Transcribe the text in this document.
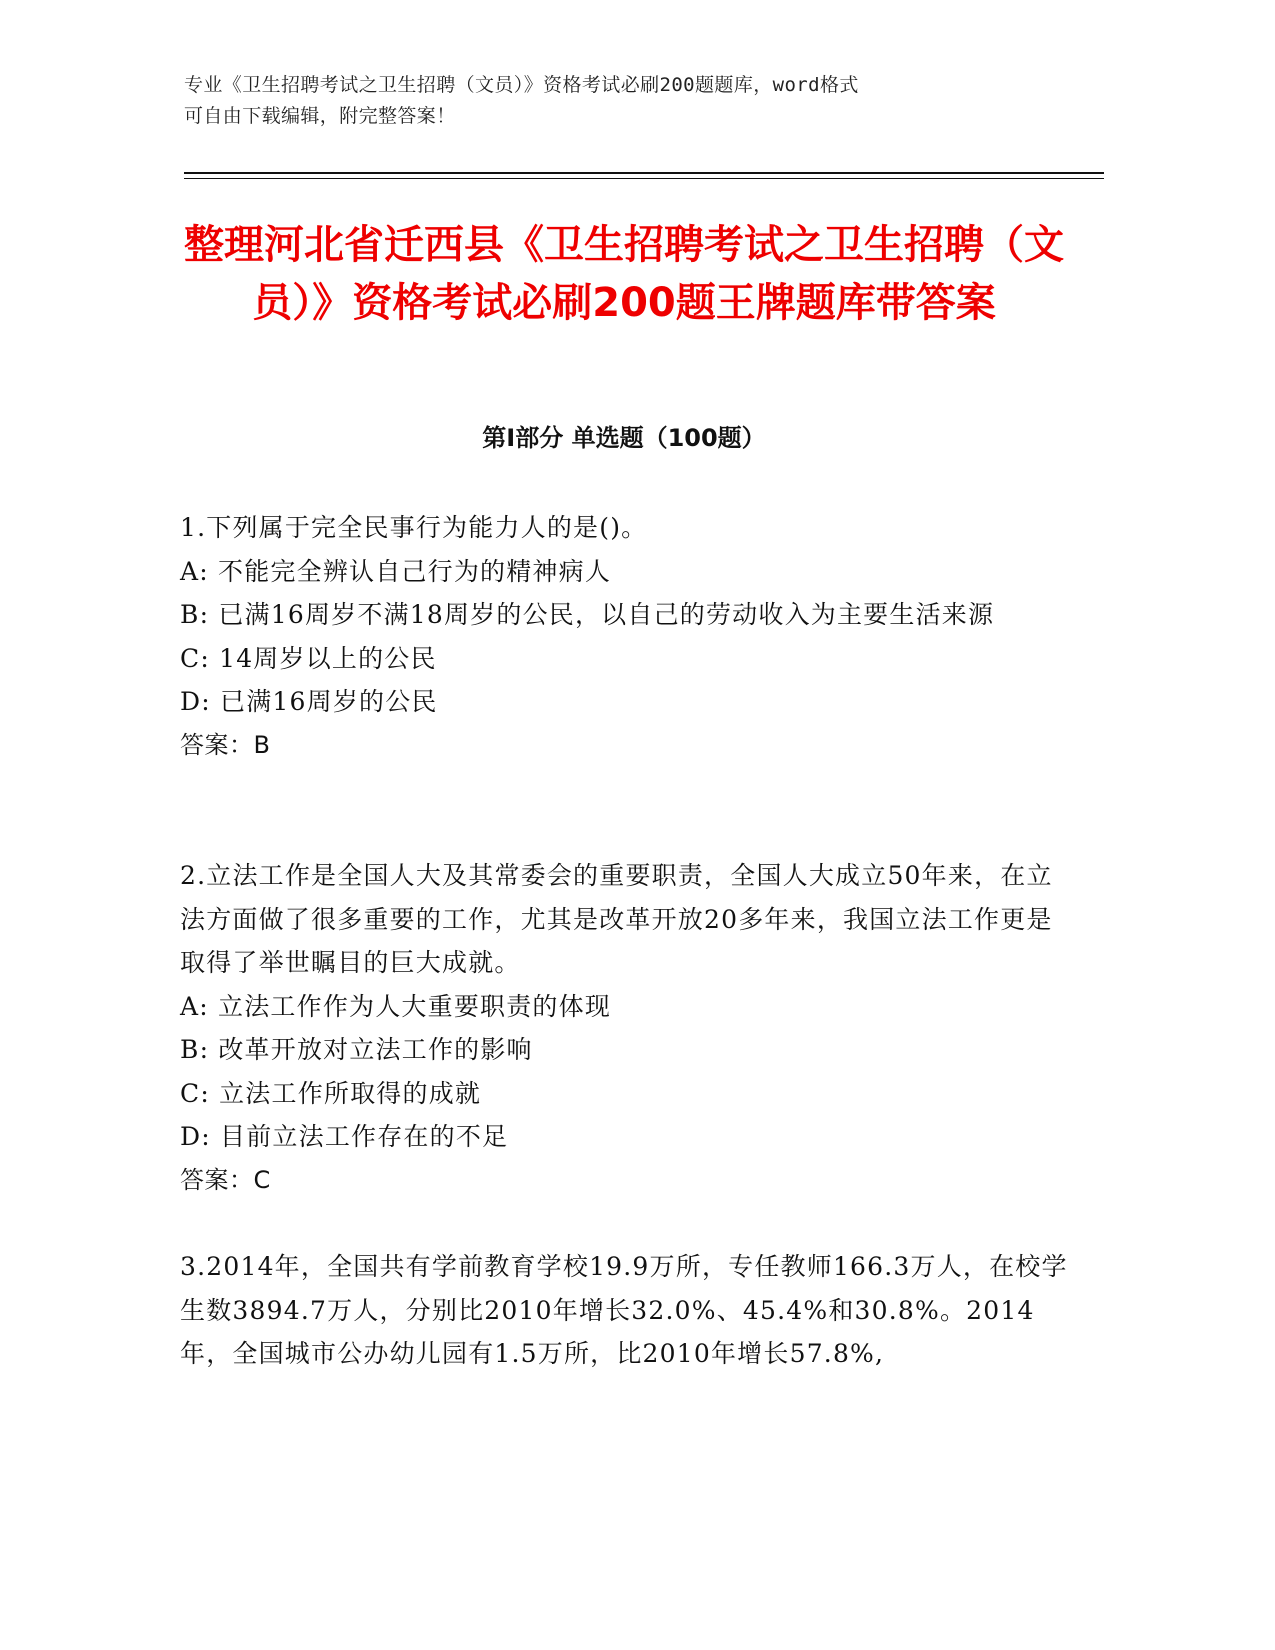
专业《卫生招聘考试之卫生招聘（文员）》资格考试必刷200题题库，word格式
可自由下载编辑，附完整答案！
整理河北省迁西县《卫生招聘考试之卫生招聘（文员）》资格考试必刷200题王牌题库带答案
第Ⅰ部分 单选题（100题）

1.下列属于完全民事行为能力人的是()。

A: 不能完全辨认自己行为的精神病人

B: 已满16周岁不满18周岁的公民，以自己的劳动收入为主要生活来源

C: 14周岁以上的公民

D: 已满16周岁的公民

答案：B

2.立法工作是全国人大及其常委会的重要职责，全国人大成立50年来，在立法方面做了很多重要的工作，尤其是改革开放20多年来，我国立法工作更是取得了举世瞩目的巨大成就。

A: 立法工作作为人大重要职责的体现

B: 改革开放对立法工作的影响

C: 立法工作所取得的成就

D: 目前立法工作存在的不足

答案：C

3.2014年，全国共有学前教育学校19.9万所，专任教师166.3万人，在校学生数3894.7万人，分别比2010年增长32.0%、45.4%和30.8%。2014年，全国城市公办幼儿园有1.5万所，比2010年增长57.8%,
